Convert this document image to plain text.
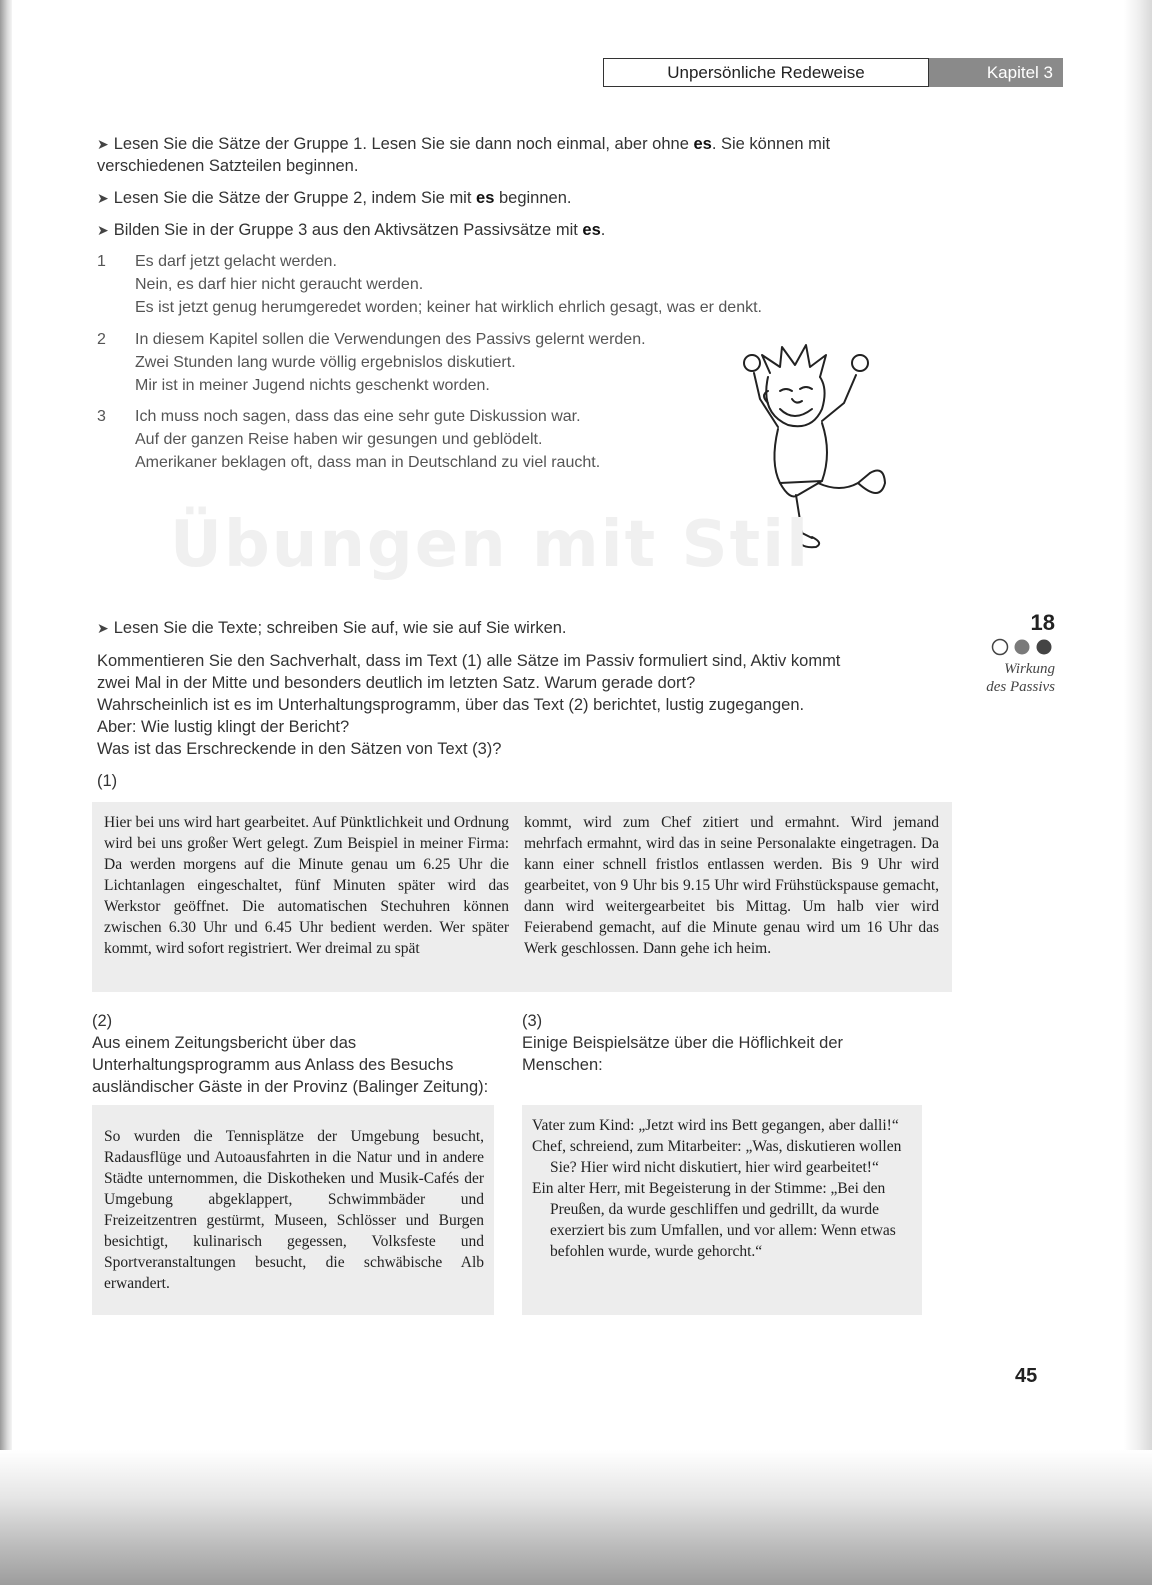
Unpersönliche Redeweise	Kapitel 3
➤ Lesen Sie die Sätze der Gruppe 1. Lesen Sie sie dann noch einmal, aber ohne es. Sie können mit
verschiedenen Satzteilen beginnen.
➤ Lesen Sie die Sätze der Gruppe 2, indem Sie mit es beginnen.
➤ Bilden Sie in der Gruppe 3 aus den Aktivsätzen Passivsätze mit es.
1	Es darf jetzt gelacht werden.
Nein, es darf hier nicht geraucht werden.
Es ist jetzt genug herumgeredet worden; keiner hat wirklich ehrlich gesagt, was er denkt.
2	In diesem Kapitel sollen die Verwendungen des Passivs gelernt werden.
Zwei Stunden lang wurde völlig ergebnislos diskutiert.
Mir ist in meiner Jugend nichts geschenkt worden.
3	Ich muss noch sagen, dass das eine sehr gute Diskussion war.
Auf der ganzen Reise haben wir gesungen und geblödelt.
Amerikaner beklagen oft, dass man in Deutschland zu viel raucht.
Übungen mit Stil
18
Wirkung
des Passivs
➤ Lesen Sie die Texte; schreiben Sie auf, wie sie auf Sie wirken.
Kommentieren Sie den Sachverhalt, dass im Text (1) alle Sätze im Passiv formuliert sind, Aktiv kommt
zwei Mal in der Mitte und besonders deutlich im letzten Satz. Warum gerade dort?
Wahrscheinlich ist es im Unterhaltungsprogramm, über das Text (2) berichtet, lustig zugegangen.
Aber: Wie lustig klingt der Bericht?
Was ist das Erschreckende in den Sätzen von Text (3)?
(1)
Hier bei uns wird hart gearbeitet. Auf Pünktlichkeit und Ordnung wird bei uns großer Wert gelegt. Zum Beispiel in meiner Firma: Da werden morgens auf die Minute genau um 6.25 Uhr die Lichtanlagen eingeschaltet, fünf Minuten später wird das Werkstor geöffnet. Die automatischen Stechuhren können zwischen 6.30 Uhr und 6.45 Uhr bedient werden. Wer später kommt, wird sofort registriert. Wer dreimal zu spät
kommt, wird zum Chef zitiert und ermahnt. Wird jemand mehrfach ermahnt, wird das in seine Personalakte eingetragen. Da kann einer schnell fristlos entlassen werden. Bis 9 Uhr wird gearbeitet, von 9 Uhr bis 9.15 Uhr wird Frühstückspause gemacht, dann wird weitergearbeitet bis Mittag. Um halb vier wird Feierabend gemacht, auf die Minute genau wird um 16 Uhr das Werk geschlossen. Dann gehe ich heim.
(2)
Aus einem Zeitungsbericht über das Unterhaltungsprogramm aus Anlass des Besuchs ausländischer Gäste in der Provinz (Balinger Zeitung):
So wurden die Tennisplätze der Umgebung besucht, Radausflüge und Autoausfahrten in die Natur und in andere Städte unternommen, die Diskotheken und Musik-Cafés der Umgebung abgeklappert, Schwimmbäder und Freizeitzentren gestürmt, Museen, Schlösser und Burgen besichtigt, kulinarisch gegessen, Volksfeste und Sportveranstaltungen besucht, die schwäbische Alb erwandert.
(3)
Einige Beispielsätze über die Höflichkeit der Menschen:

Vater zum Kind: „Jetzt wird ins Bett gegangen, aber dalli!“

Chef, schreiend, zum Mitarbeiter: „Was, diskutieren wollen Sie? Hier wird nicht diskutiert, hier wird gearbeitet!“

Ein alter Herr, mit Begeisterung in der Stimme: „Bei den Preußen, da wurde geschliffen und gedrillt, da wurde exerziert bis zum Umfallen, und vor allem: Wenn etwas befohlen wurde, wurde gehorcht.“

45
